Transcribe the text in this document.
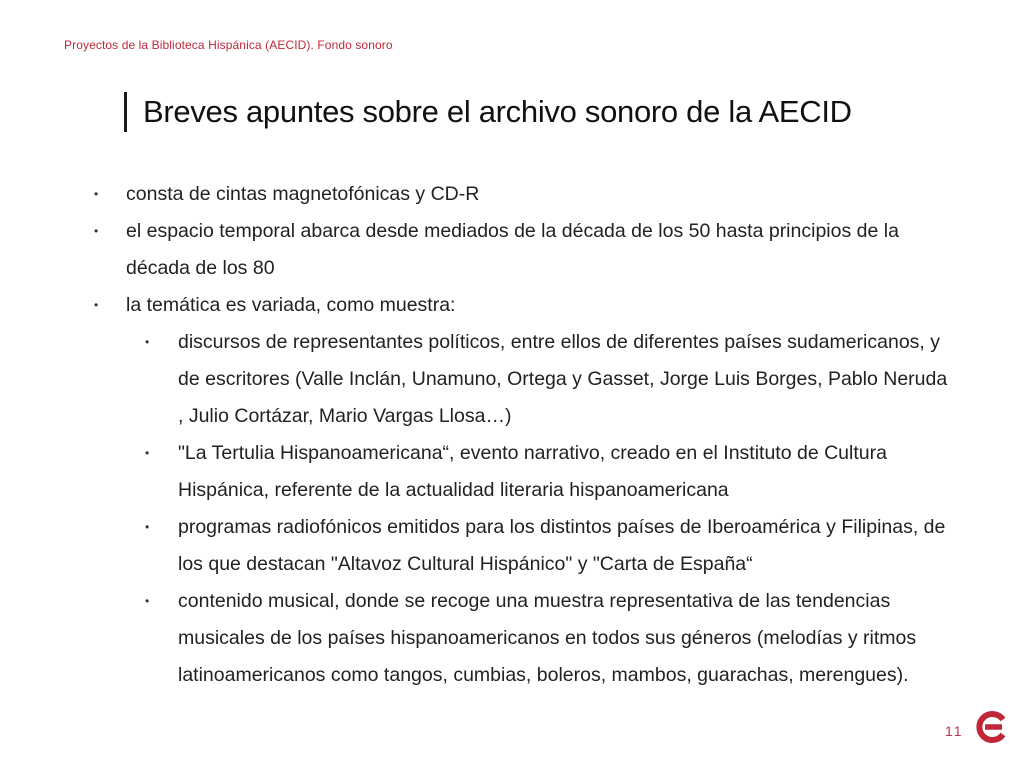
Proyectos de la Biblioteca Hispánica (AECID). Fondo sonoro
Breves apuntes sobre el archivo sonoro de la AECID
• consta de cintas magnetofónicas y CD-R
• el espacio temporal abarca desde mediados de la década de los 50 hasta principios de la década de los 80
• la temática es variada, como muestra:
• discursos de representantes políticos, entre ellos de diferentes países sudamericanos, y de escritores (Valle Inclán, Unamuno, Ortega y Gasset, Jorge Luis Borges, Pablo Neruda , Julio Cortázar, Mario Vargas Llosa…)
• "La Tertulia Hispanoamericana“, evento narrativo, creado en el Instituto de Cultura Hispánica, referente de la actualidad literaria hispanoamericana
• programas radiofónicos emitidos para los distintos países de Iberoamérica y Filipinas, de los que destacan "Altavoz Cultural Hispánico" y "Carta de España“
• contenido musical, donde se recoge una muestra representativa de las tendencias musicales de los países hispanoamericanos en todos sus géneros (melodías y ritmos latinoamericanos como tangos, cumbias, boleros, mambos, guarachas, merengues).
11
